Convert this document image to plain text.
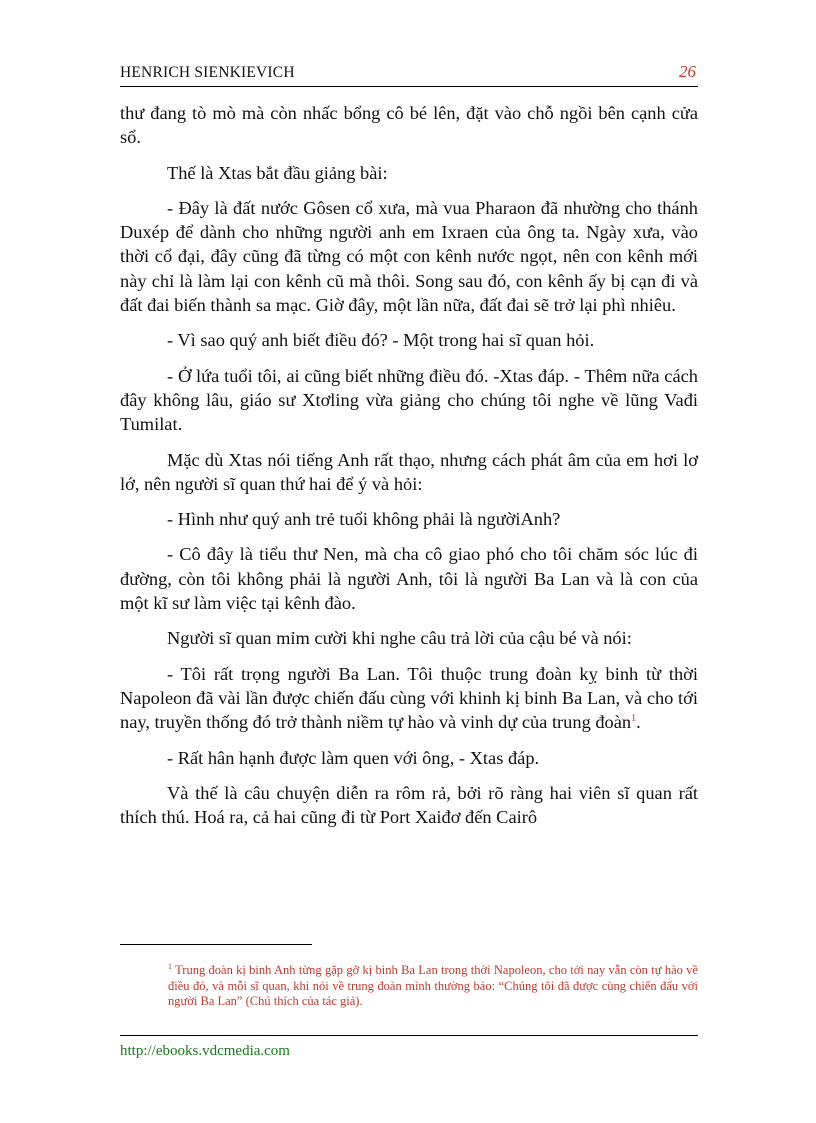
HENRICH SIENKIEVICH	26

thư đang tò mò mà còn nhấc bổng cô bé lên, đặt vào chỗ ngồi bên cạnh cửa sổ.

Thế là Xtas bắt đầu giảng bài:

- Đây là đất nước Gôsen cổ xưa, mà vua Pharaon đã nhường cho thánh Duxép để dành cho những người anh em Ixraen của ông ta. Ngày xưa, vào thời cổ đại, đây cũng đã từng có một con kênh nước ngọt, nên con kênh mới này chỉ là làm lại con kênh cũ mà thôi. Song sau đó, con kênh ấy bị cạn đi và đất đai biến thành sa mạc. Giờ đây, một lần nữa, đất đai sẽ trở lại phì nhiêu.

- Vì sao quý anh biết điều đó? - Một trong hai sĩ quan hỏi.

- Ở lứa tuổi tôi, ai cũng biết những điều đó. -Xtas đáp. - Thêm nữa cách đây không lâu, giáo sư Xtơling vừa giảng cho chúng tôi nghe về lũng Vađi Tumilat.

Mặc dù Xtas nói tiếng Anh rất thạo, nhưng cách phát âm của em hơi lơ lớ, nên người sĩ quan thứ hai để ý và hỏi:

- Hình như quý anh trẻ tuổi không phải là ngườiAnh?

- Cô đây là tiểu thư Nen, mà cha cô giao phó cho tôi chăm sóc lúc đi đường, còn tôi không phải là người Anh, tôi là người Ba Lan và là con của một kĩ sư làm việc tại kênh đào.

Người sĩ quan mỉm cười khi nghe câu trả lời của cậu bé và nói:

- Tôi rất trọng người Ba Lan. Tôi thuộc trung đoàn kỵ binh từ thời Napoleon đã vài lần được chiến đấu cùng với khinh kị binh Ba Lan, và cho tới nay, truyền thống đó trở thành niềm tự hào và vinh dự của trung đoàn$^1$.

- Rất hân hạnh được làm quen với ông, - Xtas đáp.

Và thế là câu chuyện diễn ra rôm rả, bởi rõ ràng hai viên sĩ quan rất thích thú. Hoá ra, cả hai cũng đi từ Port Xaiđơ đến Cairô

$^1$ Trung đoàn kị binh Anh từng gặp gỡ kị binh Ba Lan trong thời Napoleon, cho tới nay vẫn còn tự hào về điều đó, và mỗi sĩ quan, khi nói về trung đoàn mình thường bảo: “Chúng tôi đã được cùng chiến đấu với người Ba Lan” (Chú thích của tác giả).
http://ebooks.vdcmedia.com
